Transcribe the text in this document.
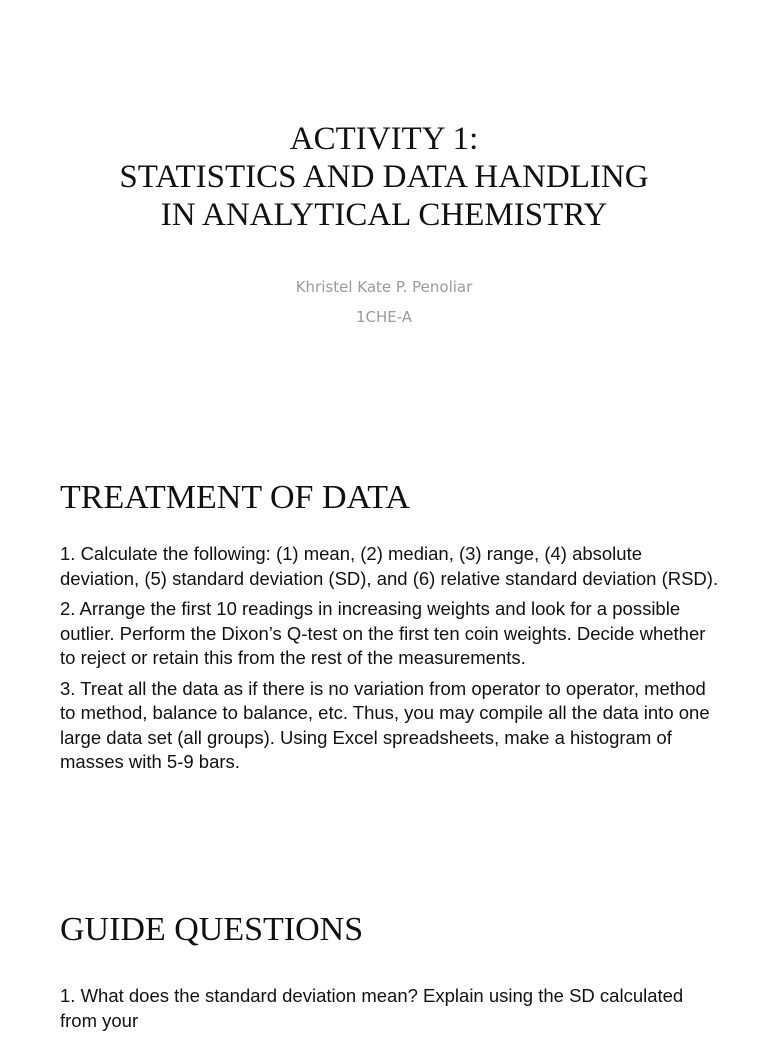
ACTIVITY 1:
STATISTICS AND DATA HANDLING
IN ANALYTICAL CHEMISTRY
Khristel Kate P. Penoliar
1CHE-A
TREATMENT OF DATA
1. Calculate the following: (1) mean, (2) median, (3) range, (4) absolute deviation, (5) standard deviation (SD), and (6) relative standard deviation (RSD).
2. Arrange the first 10 readings in increasing weights and look for a possible outlier. Perform the Dixon’s Q-test on the first ten coin weights. Decide whether to reject or retain this from the rest of the measurements.
3. Treat all the data as if there is no variation from operator to operator, method to method, balance to balance, etc. Thus, you may compile all the data into one large data set (all groups). Using Excel spreadsheets, make a histogram of masses with 5-9 bars.
GUIDE QUESTIONS
1. What does the standard deviation mean? Explain using the SD calculated from your
